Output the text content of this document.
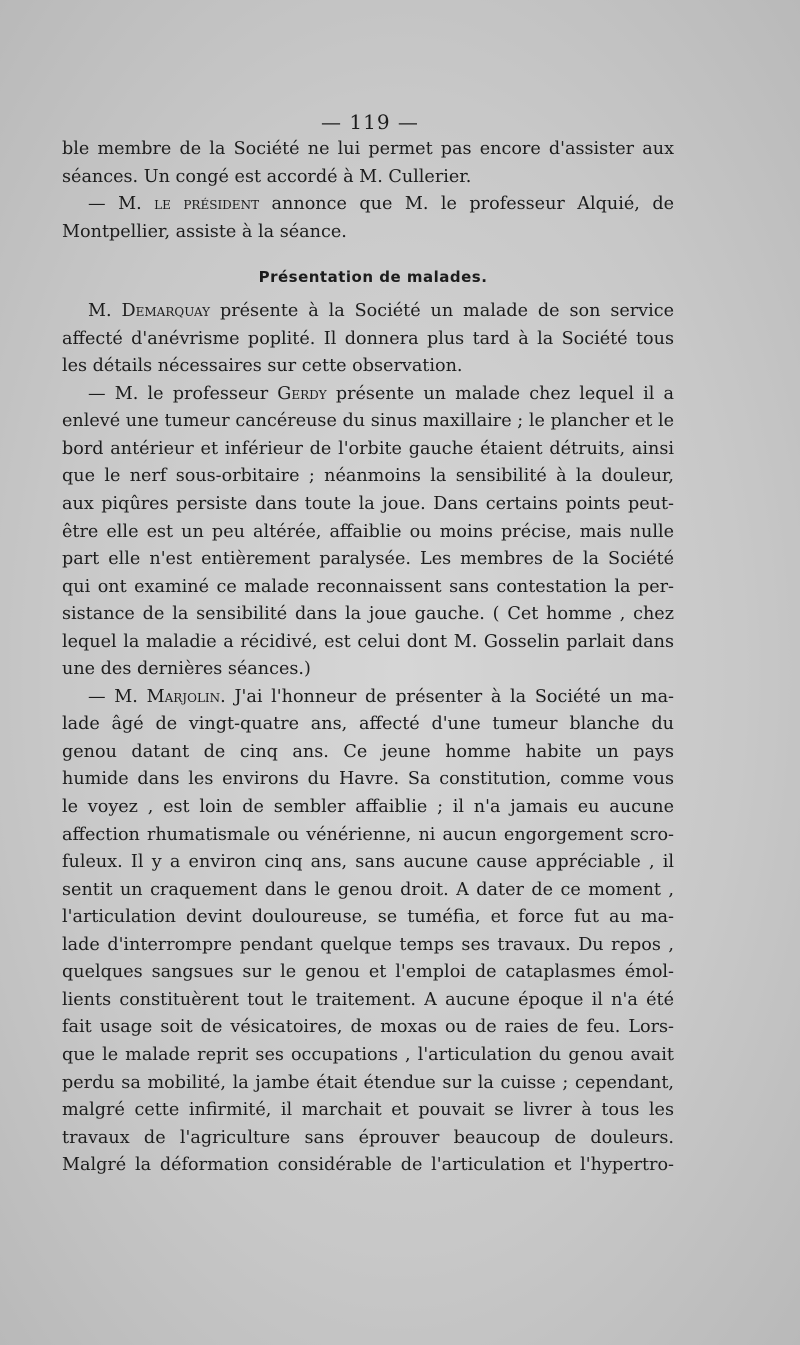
— 119 —
ble membre de la Société ne lui permet pas encore d'assister aux
séances. Un congé est accordé à M. Cullerier.
— M. le président annonce que M. le professeur Alquié, de
Montpellier, assiste à la séance.
Présentation de malades.
M. Demarquay présente à la Société un malade de son service
affecté d'anévrisme poplité. Il donnera plus tard à la Société tous
les détails nécessaires sur cette observation.
— M. le professeur Gerdy présente un malade chez lequel il a
enlevé une tumeur cancéreuse du sinus maxillaire ; le plancher et le
bord antérieur et inférieur de l'orbite gauche étaient détruits, ainsi
que le nerf sous-orbitaire ; néanmoins la sensibilité à la douleur,
aux piqûres persiste dans toute la joue. Dans certains points peut-
être elle est un peu altérée, affaiblie ou moins précise, mais nulle
part elle n'est entièrement paralysée. Les membres de la Société
qui ont examiné ce malade reconnaissent sans contestation la per-
sistance de la sensibilité dans la joue gauche. ( Cet homme , chez
lequel la maladie a récidivé, est celui dont M. Gosselin parlait dans
une des dernières séances.)
— M. Marjolin. J'ai l'honneur de présenter à la Société un ma-
lade âgé de vingt-quatre ans, affecté d'une tumeur blanche du
genou datant de cinq ans. Ce jeune homme habite un pays
humide dans les environs du Havre. Sa constitution, comme vous
le voyez , est loin de sembler affaiblie ; il n'a jamais eu aucune
affection rhumatismale ou vénérienne, ni aucun engorgement scro-
fuleux. Il y a environ cinq ans, sans aucune cause appréciable , il
sentit un craquement dans le genou droit. A dater de ce moment ,
l'articulation devint douloureuse, se tuméfia, et force fut au ma-
lade d'interrompre pendant quelque temps ses travaux. Du repos ,
quelques sangsues sur le genou et l'emploi de cataplasmes émol-
lients constituèrent tout le traitement. A aucune époque il n'a été
fait usage soit de vésicatoires, de moxas ou de raies de feu. Lors-
que le malade reprit ses occupations , l'articulation du genou avait
perdu sa mobilité, la jambe était étendue sur la cuisse ; cependant,
malgré cette infirmité, il marchait et pouvait se livrer à tous les
travaux de l'agriculture sans éprouver beaucoup de douleurs.
Malgré la déformation considérable de l'articulation et l'hypertro-
